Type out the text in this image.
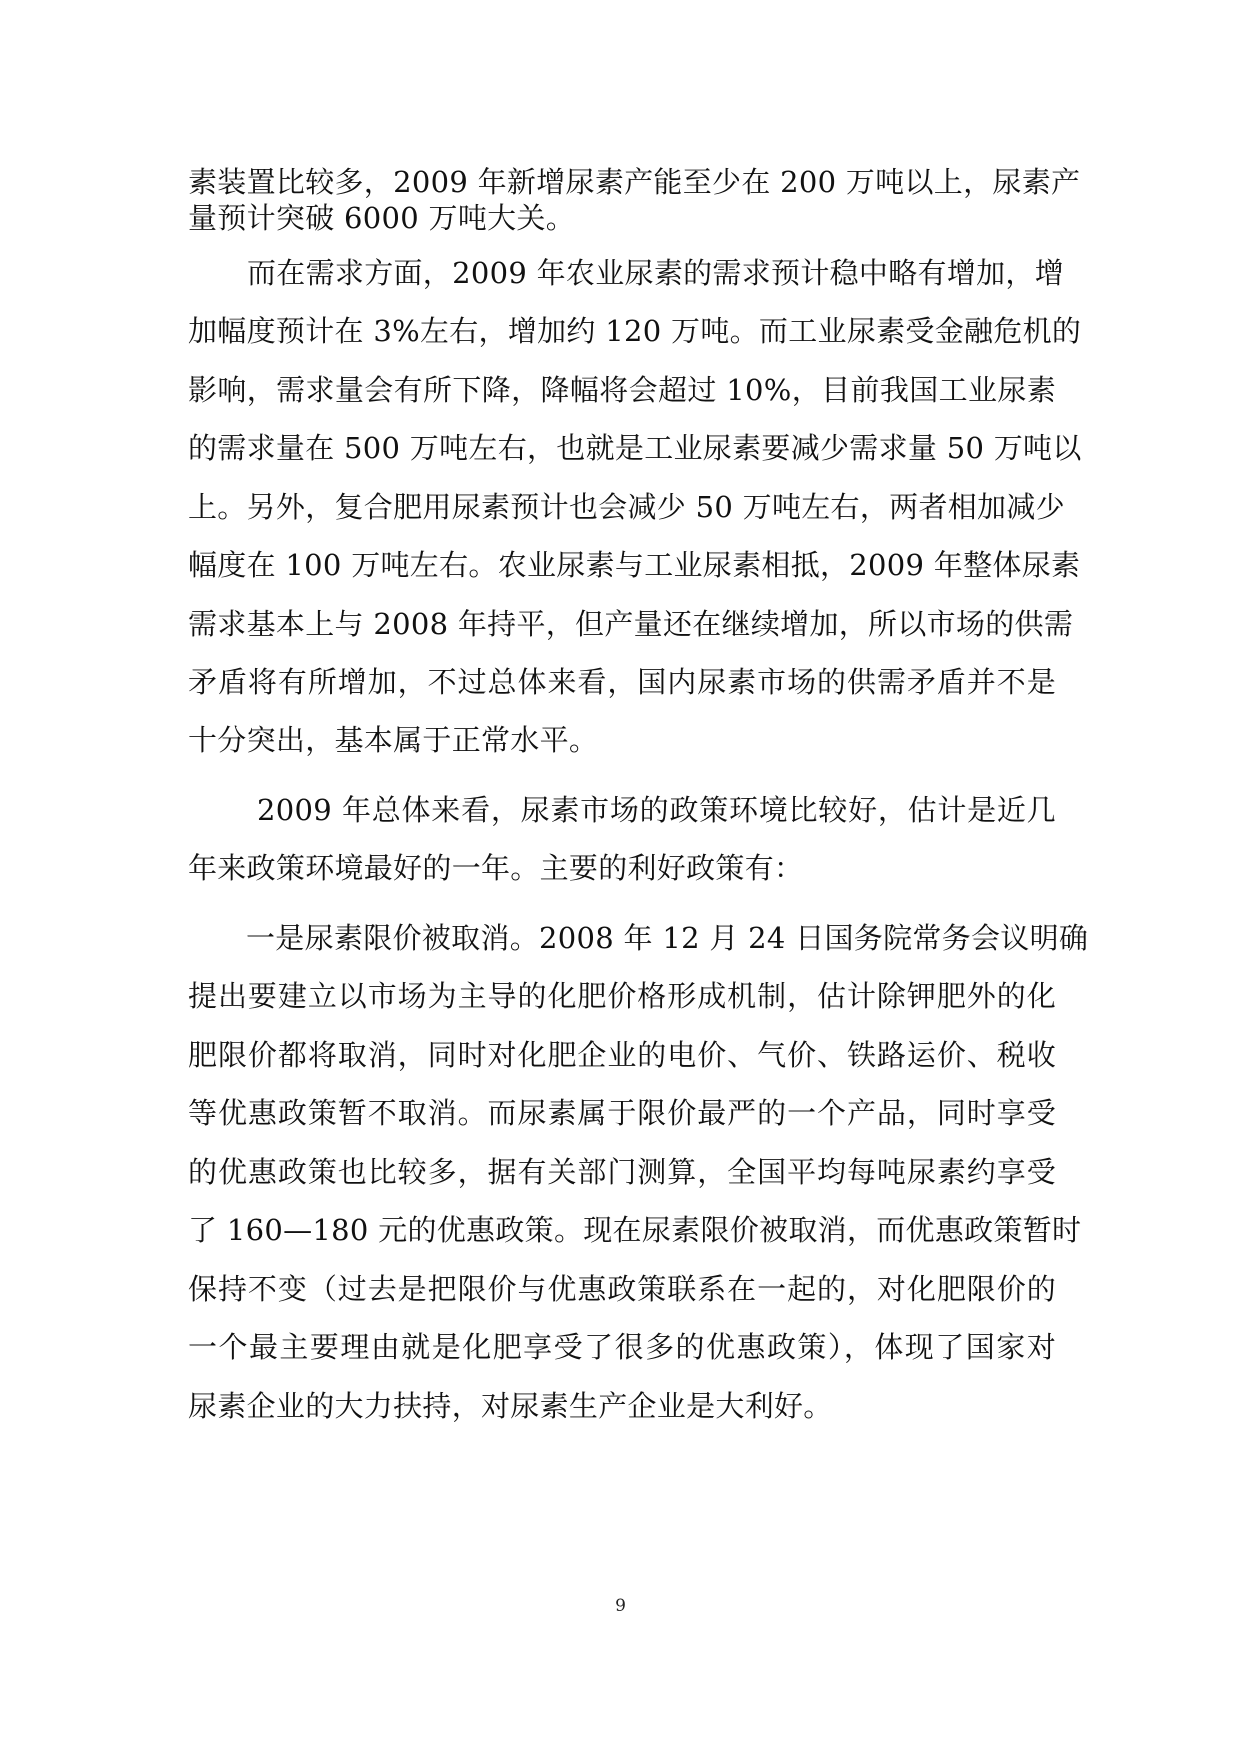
素装置比较多，2009 年新增尿素产能至少在 200 万吨以上，尿素产
量预计突破 6000 万吨大关。
而在需求方面，2009 年农业尿素的需求预计稳中略有增加，增
加幅度预计在 3%左右，增加约 120 万吨。而工业尿素受金融危机的
影响，需求量会有所下降，降幅将会超过 10%，目前我国工业尿素
的需求量在 500 万吨左右，也就是工业尿素要减少需求量 50 万吨以
上。另外，复合肥用尿素预计也会减少 50 万吨左右，两者相加减少
幅度在 100 万吨左右。农业尿素与工业尿素相抵，2009 年整体尿素
需求基本上与 2008 年持平，但产量还在继续增加，所以市场的供需
矛盾将有所增加，不过总体来看，国内尿素市场的供需矛盾并不是
十分突出，基本属于正常水平。
2009 年总体来看，尿素市场的政策环境比较好，估计是近几
年来政策环境最好的一年。主要的利好政策有：
一是尿素限价被取消。2008 年 12 月 24 日国务院常务会议明确
提出要建立以市场为主导的化肥价格形成机制，估计除钾肥外的化
肥限价都将取消，同时对化肥企业的电价、气价、铁路运价、税收
等优惠政策暂不取消。而尿素属于限价最严的一个产品，同时享受
的优惠政策也比较多，据有关部门测算，全国平均每吨尿素约享受
了 160—180 元的优惠政策。现在尿素限价被取消，而优惠政策暂时
保持不变（过去是把限价与优惠政策联系在一起的，对化肥限价的
一个最主要理由就是化肥享受了很多的优惠政策），体现了国家对
尿素企业的大力扶持，对尿素生产企业是大利好。
9
